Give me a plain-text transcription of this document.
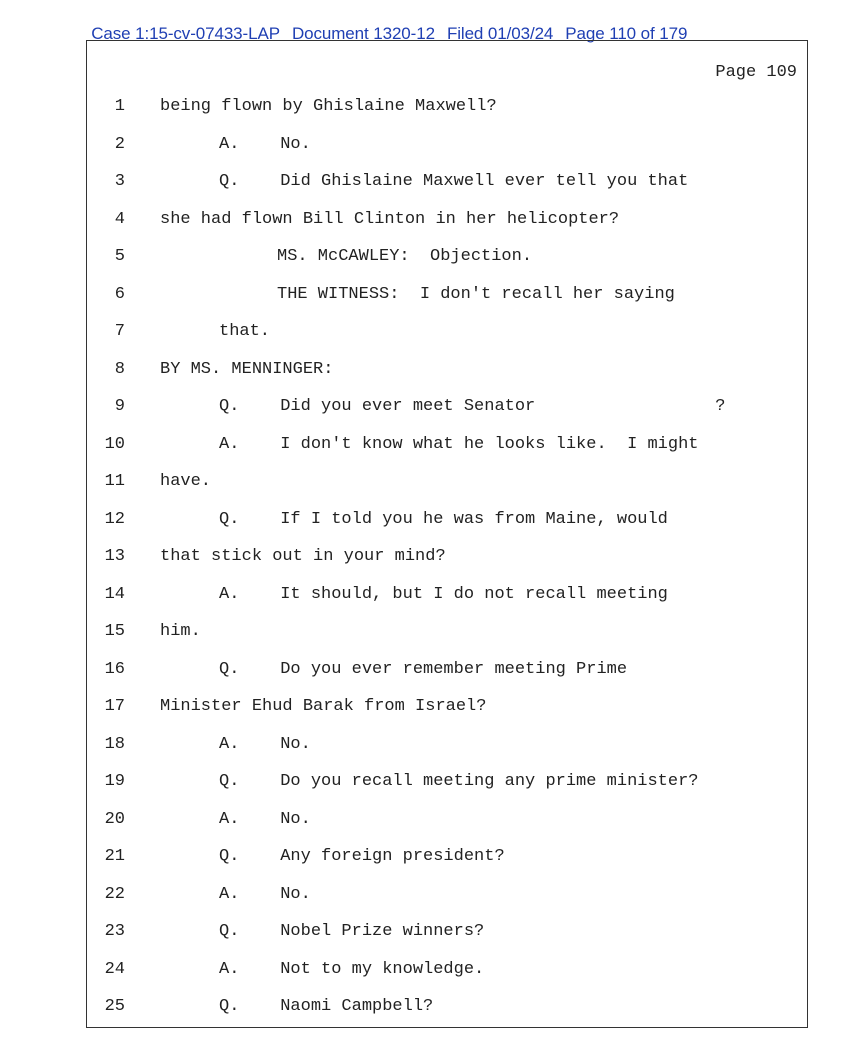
Case 1:15-cv-07433-LAP Document 1320-12 Filed 01/03/24 Page 110 of 179

Page 109
1 being flown by Ghislaine Maxwell?
2	A.    No.
3	Q.    Did Ghislaine Maxwell ever tell you that
4 she had flown Bill Clinton in her helicopter?
5	MS. McCAWLEY:  Objection.
6	THE WITNESS:  I don't recall her saying
7	that.
8 BY MS. MENNINGER:
9	Q.    Did you ever meet Senator	?
10	A.    I don't know what he looks like.  I might
11 have.
12	Q.    If I told you he was from Maine, would
13 that stick out in your mind?
14	A.    It should, but I do not recall meeting
15 him.
16	Q.    Do you ever remember meeting Prime
17 Minister Ehud Barak from Israel?
18	A.    No.
19	Q.    Do you recall meeting any prime minister?
20	A.    No.
21	Q.    Any foreign president?
22	A.    No.
23	Q.    Nobel Prize winners?
24	A.    Not to my knowledge.
25	Q.    Naomi Campbell?
